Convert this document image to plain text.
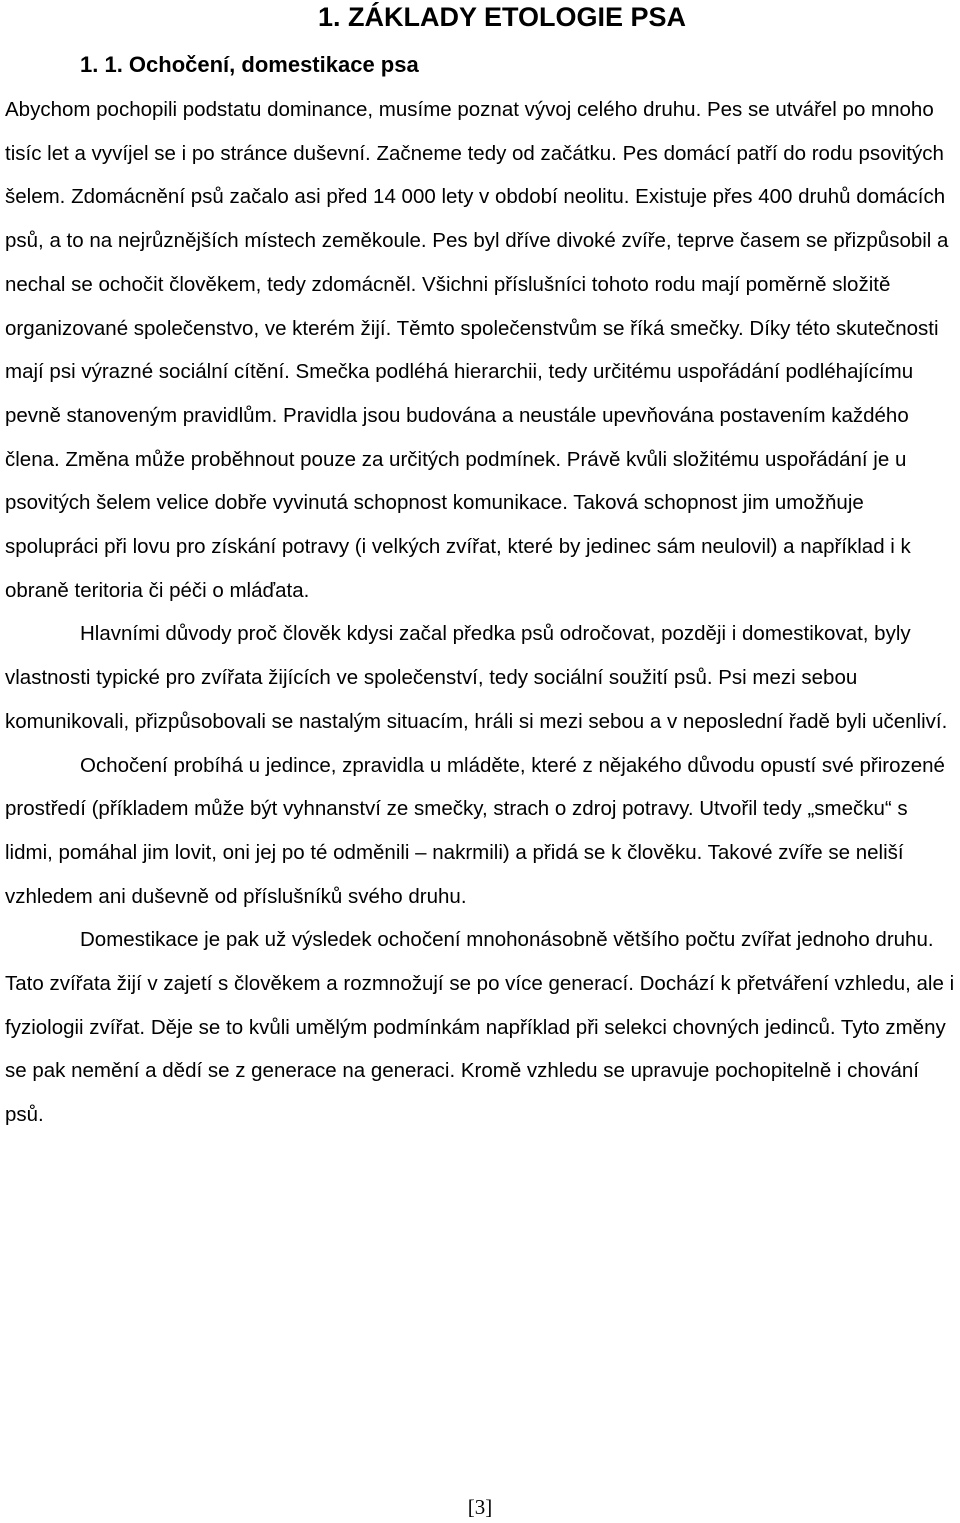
1. ZÁKLADY ETOLOGIE PSA
1. 1. Ochočení, domestikace psa

Abychom pochopili podstatu dominance, musíme poznat vývoj celého druhu. Pes se utvářel po mnoho tisíc let a vyvíjel se i po stránce duševní. Začneme tedy od začátku. Pes domácí patří do rodu psovitých šelem. Zdomácnění psů začalo asi před 14 000 lety v období neolitu. Existuje přes 400 druhů domácích psů, a to na nejrůznějších místech zeměkoule. Pes byl dříve divoké zvíře, teprve časem se přizpůsobil a nechal se ochočit člověkem, tedy zdomácněl. Všichni příslušníci tohoto rodu mají poměrně složitě organizované společenstvo, ve kterém žijí. Těmto společenstvům se říká smečky. Díky této skutečnosti mají psi výrazné sociální cítění. Smečka podléhá hierarchii, tedy určitému uspořádání podléhajícímu pevně stanoveným pravidlům. Pravidla jsou budována a neustále upevňována postavením každého člena. Změna může proběhnout pouze za určitých podmínek. Právě kvůli složitému uspořádání je u psovitých šelem velice dobře vyvinutá schopnost komunikace. Taková schopnost jim umožňuje spolupráci při lovu pro získání potravy (i velkých zvířat, které by jedinec sám neulovil) a například i k obraně teritoria či péči o mláďata.

Hlavními důvody proč člověk kdysi začal předka psů odročovat, později i domestikovat, byly vlastnosti typické pro zvířata žijících ve společenství, tedy sociální soužití psů. Psi mezi sebou komunikovali, přizpůsobovali se nastalým situacím, hráli si mezi sebou a v neposlední řadě byli učenliví.

Ochočení probíhá u jedince, zpravidla u mláděte, které z nějakého důvodu opustí své přirozené prostředí (příkladem může být vyhnanství ze smečky, strach o zdroj potravy. Utvořil tedy „smečku“ s lidmi, pomáhal jim lovit, oni jej po té odměnili – nakrmili) a přidá se k člověku. Takové zvíře se neliší vzhledem ani duševně od příslušníků svého druhu.

Domestikace je pak už výsledek ochočení mnohonásobně většího počtu zvířat jednoho druhu. Tato zvířata žijí v zajetí s člověkem a rozmnožují se po více generací. Dochází k přetváření vzhledu, ale i fyziologii zvířat. Děje se to kvůli umělým podmínkám například při selekci chovných jedinců. Tyto změny se pak nemění a dědí se z generace na generaci. Kromě vzhledu se upravuje pochopitelně i chování psů.

[3]
